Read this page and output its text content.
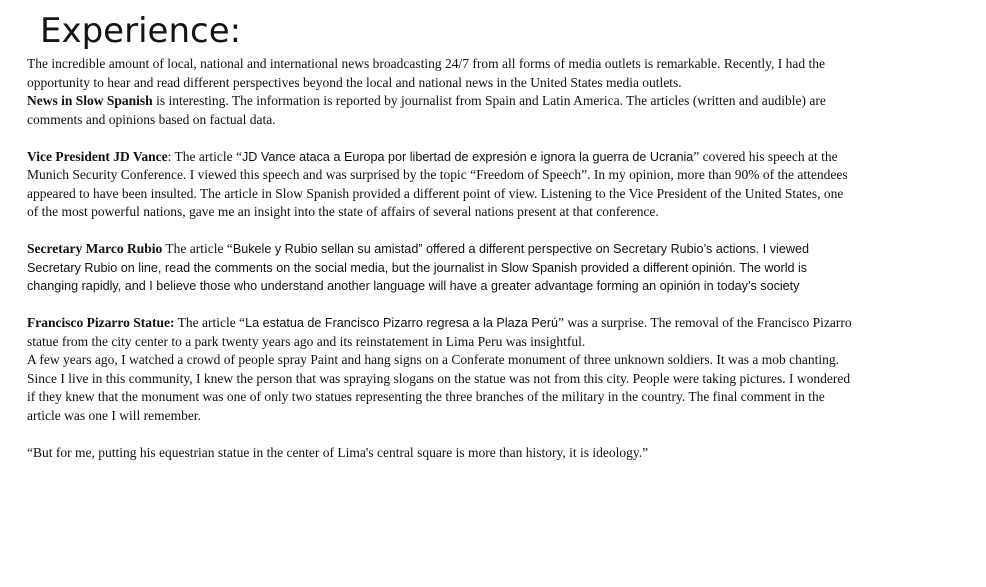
Experience:

The incredible amount of local, national and international news broadcasting 24/7 from all forms of media outlets is remarkable. Recently, I had the opportunity to hear and read different perspectives beyond the local and national news in the United States media outlets.

News in Slow Spanish is interesting. The information is reported by journalist from Spain and Latin America. The articles (written and audible) are comments and opinions based on factual data.

Vice President JD Vance: The article “JD Vance ataca a Europa por libertad de expresión e ignora la guerra de Ucrania” covered his speech at the Munich Security Conference. I viewed this speech and was surprised by the topic “Freedom of Speech”. In my opinion, more than 90% of the attendees appeared to have been insulted. The article in Slow Spanish provided a different point of view. Listening to the Vice President of the United States, one of the most powerful nations, gave me an insight into the state of affairs of several nations present at that conference.

Secretary Marco Rubio The article “Bukele y Rubio sellan su amistad” offered a different perspective on Secretary Rubio’s actions. I viewed Secretary Rubio on line, read the comments on the social media, but the journalist in Slow Spanish provided a different opinión. The world is changing rapidly, and I believe those who understand another language will have a greater advantage forming an opinión in today’s society

Francisco Pizarro Statue: The article “La estatua de Francisco Pizarro regresa a la Plaza Perú” was a surprise. The removal of the Francisco Pizarro statue from the city center to a park twenty years ago and its reinstatement in Lima Peru was insightful.

A few years ago, I watched a crowd of people spray Paint and hang signs on a Conferate monument of three unknown soldiers. It was a mob chanting. Since I live in this community, I knew the person that was spraying slogans on the statue was not from this city. People were taking pictures. I wondered if they knew that the monument was one of only two statues representing the three branches of the military in the country. The final comment in the article was one I will remember.

“But for me, putting his equestrian statue in the center of Lima's central square is more than history, it is ideology.”
